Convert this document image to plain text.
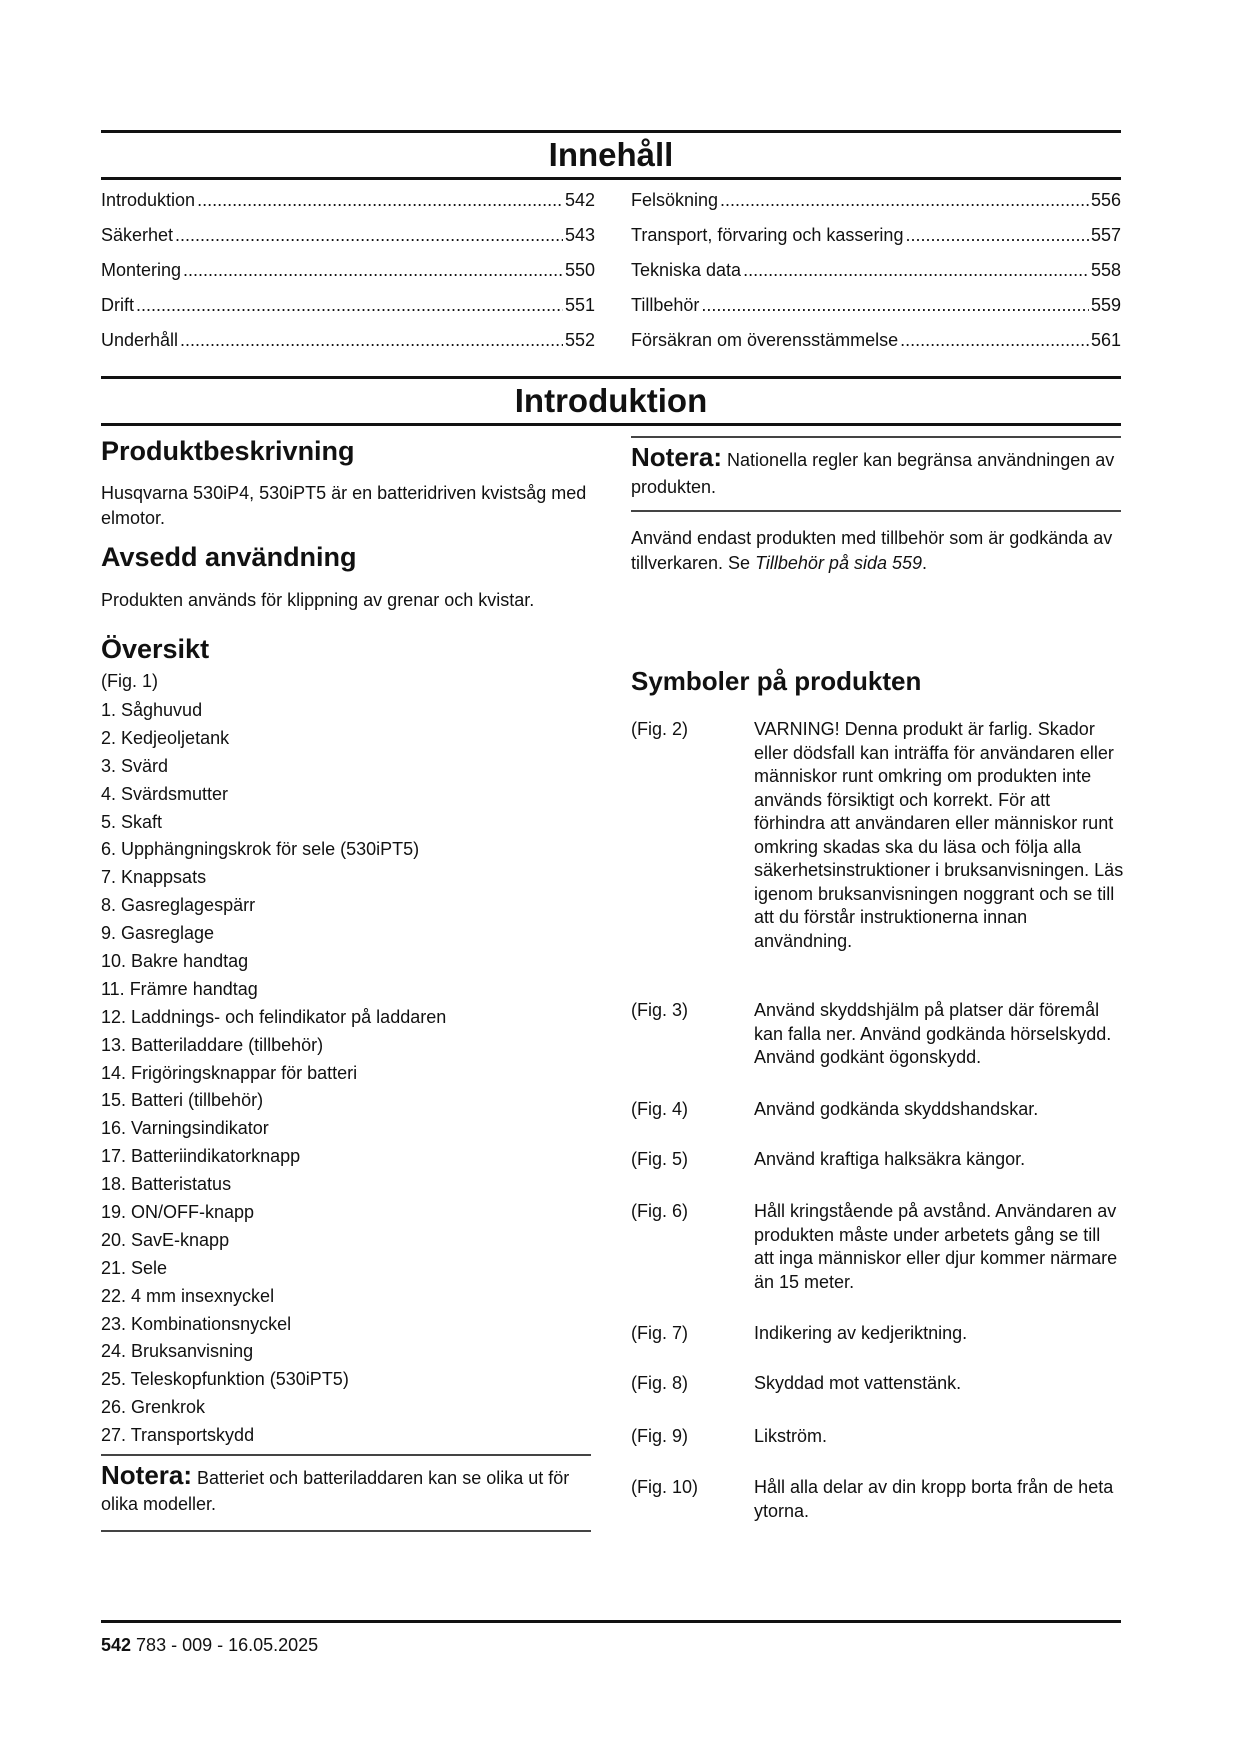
Innehåll
Introduktion .....	542
Säkerhet .....	543
Montering .....	550
Drift .....	551
Underhåll .....	552
Felsökning .....	556
Transport, förvaring och kassering .....	557
Tekniska data .....	558
Tillbehör .....	559
Försäkran om överensstämmelse .....	561
Introduktion
Produktbeskrivning

Husqvarna 530iP4, 530iPT5 är en batteridriven kvistsåg med elmotor.

Avsedd användning

Produkten används för klippning av grenar och kvistar.

Översikt

(Fig. 1)

1. Såghuvud
2. Kedjeoljetank
3. Svärd
4. Svärdsmutter
5. Skaft
6. Upphängningskrok för sele (530iPT5)
7. Knappsats
8. Gasreglagespärr
9. Gasreglage
10. Bakre handtag
11. Främre handtag
12. Laddnings- och felindikator på laddaren
13. Batteriladdare (tillbehör)
14. Frigöringsknappar för batteri
15. Batteri (tillbehör)
16. Varningsindikator
17. Batteriindikatorknapp
18. Batteristatus
19. ON/OFF-knapp
20. SavE-knapp
21. Sele
22. 4 mm insexnyckel
23. Kombinationsnyckel
24. Bruksanvisning
25. Teleskopfunktion (530iPT5)
26. Grenkrok
27. Transportskydd

Notera: Batteriet och batteriladdaren kan se olika ut för olika modeller.

Notera: Nationella regler kan begränsa användningen av produkten.

Använd endast produkten med tillbehör som är godkända av tillverkaren. Se Tillbehör på sida 559.

Symboler på produkten
(Fig. 2)	VARNING! Denna produkt är farlig. Skador eller dödsfall kan inträffa för användaren eller människor runt omkring om produkten inte används försiktigt och korrekt. För att förhindra att användaren eller människor runt omkring skadas ska du läsa och följa alla säkerhetsinstruktioner i bruksanvisningen. Läs igenom bruksanvisningen noggrant och se till att du förstår instruktionerna innan användning.
(Fig. 3)	Använd skyddshjälm på platser där föremål kan falla ner. Använd godkända hörselskydd. Använd godkänt ögonskydd.
(Fig. 4)	Använd godkända skyddshandskar.
(Fig. 5)	Använd kraftiga halksäkra kängor.
(Fig. 6)	Håll kringstående på avstånd. Användaren av produkten måste under arbetets gång se till att inga människor eller djur kommer närmare än 15 meter.
(Fig. 7)	Indikering av kedjeriktning.
(Fig. 8)	Skyddad mot vattenstänk.
(Fig. 9)	Likström.
(Fig. 10)	Håll alla delar av din kropp borta från de heta ytorna.
542 783 - 009 - 16.05.2025
